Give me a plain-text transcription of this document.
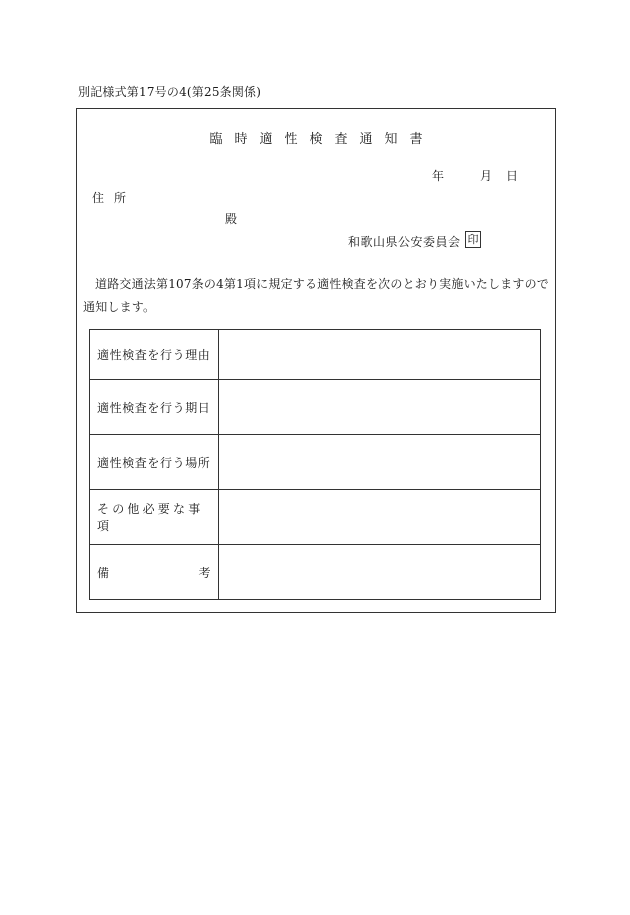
別記様式第17号の4(第25条関係)
臨時適性検査通知書
年	月 日
住所
殿
和歌山県公安委員会 印
道路交通法第107条の4第1項に規定する適性検査を次のとおり実施いたしますので通知します。
適性検査を行う理由	
適性検査を行う期日	
適性検査を行う場所	
その他必要な事項	

備 考	
